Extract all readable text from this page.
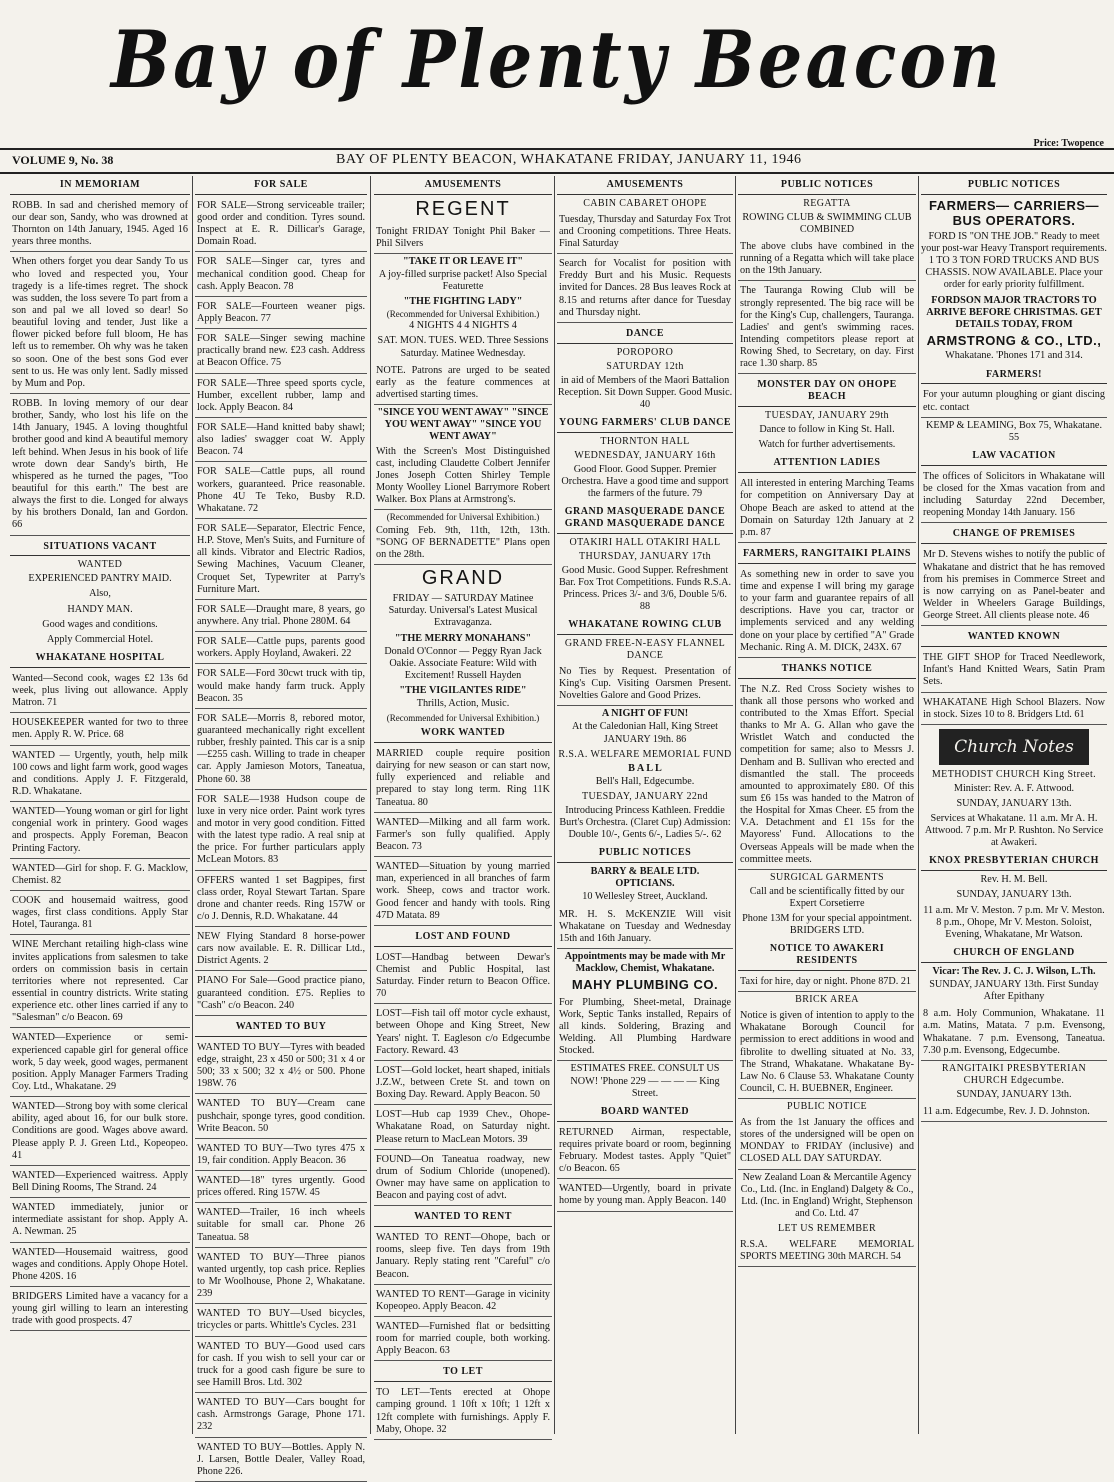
Bay of Plenty Beacon
VOLUME 9, No. 38	BAY OF PLENTY BEACON, WHAKATANE FRIDAY, JANUARY 11, 1946
Price: Twopence
IN MEMORIAM
ROBB. In sad and cherished memory of our dear son, Sandy, who was drowned at Thornton on 14th January, 1945. Aged 16 years three months.
When others forget you dear Sandy To us who loved and respected you, Your tragedy is a life-times regret. The shock was sudden, the loss severe To part from a son and pal we all loved so dear! So beautiful loving and tender, Just like a flower picked before full bloom, He has left us to remember. Oh why was he taken so soon. One of the best sons God ever sent to us. He was only lent. Sadly missed by Mum and Pop.
ROBB. In loving memory of our dear brother, Sandy, who lost his life on the 14th January, 1945. A loving thoughtful brother good and kind A beautiful memory left behind. When Jesus in his book of life wrote down dear Sandy's birth, He whispered as he turned the pages, "Too beautiful for this earth." The best are always the first to die. Longed for always by his brothers Donald, Ian and Gordon. 66
SITUATIONS VACANT
WANTED
EXPERIENCED PANTRY MAID.
Also,
HANDY MAN.
Good wages and conditions.
Apply Commercial Hotel.
WHAKATANE HOSPITAL
Wanted—Second cook, wages £2 13s 6d week, plus living out allowance. Apply Matron. 71
HOUSEKEEPER wanted for two to three men. Apply R. W. Price. 68
WANTED — Urgently, youth, help milk 100 cows and light farm work, good wages and conditions. Apply J. F. Fitzgerald, R.D. Whakatane.
WANTED—Young woman or girl for light congenial work in printery. Good wages and prospects. Apply Foreman, Beacon Printing Factory.
WANTED—Girl for shop. F. G. Macklow, Chemist. 82
COOK and housemaid waitress, good wages, first class conditions. Apply Star Hotel, Tauranga. 81
WINE Merchant retailing high-class wine invites applications from salesmen to take orders on commission basis in certain territories where not represented. Car essential in country districts. Write stating experience etc. other lines carried if any to "Salesman" c/o Beacon. 69
WANTED—Experience or semi-experienced capable girl for general office work, 5 day week, good wages, permanent position. Apply Manager Farmers Trading Coy. Ltd., Whakatane. 29
WANTED—Strong boy with some clerical ability, aged about 16, for our bulk store. Conditions are good. Wages above award. Please apply P. J. Green Ltd., Kopeopeo. 41
WANTED—Experienced waitress. Apply Bell Dining Rooms, The Strand. 24
WANTED immediately, junior or intermediate assistant for shop. Apply A. A. Newman. 25
WANTED—Housemaid waitress, good wages and conditions. Apply Ohope Hotel. Phone 420S. 16
BRIDGERS Limited have a vacancy for a young girl willing to learn an interesting trade with good prospects. 47
FOR SALE
FOR SALE—Strong serviceable trailer; good order and condition. Tyres sound. Inspect at E. R. Dillicar's Garage, Domain Road.
FOR SALE—Singer car, tyres and mechanical condition good. Cheap for cash. Apply Beacon. 78
FOR SALE—Fourteen weaner pigs. Apply Beacon. 77
FOR SALE—Singer sewing machine practically brand new. £23 cash. Address at Beacon Office. 75
FOR SALE—Three speed sports cycle, Humber, excellent rubber, lamp and lock. Apply Beacon. 84
FOR SALE—Hand knitted baby shawl; also ladies' swagger coat W. Apply Beacon. 74
FOR SALE—Cattle pups, all round workers, guaranteed. Price reasonable. Phone 4U Te Teko, Busby R.D. Whakatane. 72
FOR SALE—Separator, Electric Fence, H.P. Stove, Men's Suits, and Furniture of all kinds. Vibrator and Electric Radios, Sewing Machines, Vacuum Cleaner, Croquet Set, Typewriter at Parry's Furniture Mart.
FOR SALE—Draught mare, 8 years, go anywhere. Any trial. Phone 280M. 64
FOR SALE—Cattle pups, parents good workers. Apply Hoyland, Awakeri. 22
FOR SALE—Ford 30cwt truck with tip, would make handy farm truck. Apply Beacon. 35
FOR SALE—Morris 8, rebored motor, guaranteed mechanically right excellent rubber, freshly painted. This car is a snip—£255 cash. Willing to trade in cheaper car. Apply Jamieson Motors, Taneatua, Phone 60. 38
FOR SALE—1938 Hudson coupe de luxe in very nice order. Paint work tyres and motor in very good condition. Fitted with the latest type radio. A real snip at the price. For further particulars apply McLean Motors. 83
OFFERS wanted 1 set Bagpipes, first class order, Royal Stewart Tartan. Spare drone and chanter reeds. Ring 157W or c/o J. Dennis, R.D. Whakatane. 44
NEW Flying Standard 8 horse-power cars now available. E. R. Dillicar Ltd., District Agents. 2
PIANO For Sale—Good practice piano, guaranteed condition. £75. Replies to "Cash" c/o Beacon. 240
WANTED TO BUY
WANTED TO BUY—Tyres with beaded edge, straight, 23 x 450 or 500; 31 x 4 or 500; 33 x 500; 32 x 4½ or 500. Phone 198W. 76
WANTED TO BUY—Cream cane pushchair, sponge tyres, good condition. Write Beacon. 50
WANTED TO BUY—Two tyres 475 x 19, fair condition. Apply Beacon. 36
WANTED—18" tyres urgently. Good prices offered. Ring 157W. 45
WANTED—Trailer, 16 inch wheels suitable for small car. Phone 26 Taneatua. 58
WANTED TO BUY—Three pianos wanted urgently, top cash price. Replies to Mr Woolhouse, Phone 2, Whakatane. 239
WANTED TO BUY—Used bicycles, tricycles or parts. Whittle's Cycles. 231
WANTED TO BUY—Good used cars for cash. If you wish to sell your car or truck for a good cash figure be sure to see Hamill Bros. Ltd. 302
WANTED TO BUY—Cars bought for cash. Armstrongs Garage, Phone 171. 232
WANTED TO BUY—Bottles. Apply N. J. Larsen, Bottle Dealer, Valley Road, Phone 226.
AMUSEMENTS
REGENT
Tonight FRIDAY Tonight Phil Baker — Phil Silvers
"TAKE IT OR LEAVE IT"
A joy-filled surprise packet! Also Special Featurette
"THE FIGHTING LADY"
(Recommended for Universal Exhibition.)
4 NIGHTS 4 4 NIGHTS 4
SAT. MON. TUES. WED. Three Sessions Saturday. Matinee Wednesday.
NOTE. Patrons are urged to be seated early as the feature commences at advertised starting times.
"SINCE YOU WENT AWAY" "SINCE YOU WENT AWAY" "SINCE YOU WENT AWAY"
With the Screen's Most Distinguished cast, including Claudette Colbert Jennifer Jones Joseph Cotten Shirley Temple Monty Woolley Lionel Barrymore Robert Walker. Box Plans at Armstrong's.
(Recommended for Universal Exhibition.)
Coming Feb. 9th, 11th, 12th, 13th. "SONG OF BERNADETTE" Plans open on the 28th.
GRAND
FRIDAY — SATURDAY Matinee Saturday. Universal's Latest Musical Extravaganza.
"THE MERRY MONAHANS"
Donald O'Connor — Peggy Ryan Jack Oakie. Associate Feature: Wild with Excitement! Russell Hayden
"THE VIGILANTES RIDE"
Thrills, Action, Music.
(Recommended for Universal Exhibition.)
WORK WANTED
MARRIED couple require position dairying for new season or can start now, fully experienced and reliable and prepared to stay long term. Ring 11K Taneatua. 80
WANTED—Milking and all farm work. Farmer's son fully qualified. Apply Beacon. 73
WANTED—Situation by young married man, experienced in all branches of farm work. Sheep, cows and tractor work. Good fencer and handy with tools. Ring 47D Matata. 89
LOST AND FOUND
LOST—Handbag between Dewar's Chemist and Public Hospital, last Saturday. Finder return to Beacon Office. 70
LOST—Fish tail off motor cycle exhaust, between Ohope and King Street, New Years' night. T. Eagleson c/o Edgecumbe Factory. Reward. 43
LOST—Gold locket, heart shaped, initials J.Z.W., between Crete St. and town on Boxing Day. Reward. Apply Beacon. 50
LOST—Hub cap 1939 Chev., Ohope-Whakatane Road, on Saturday night. Please return to MacLean Motors. 39
FOUND—On Taneatua roadway, new drum of Sodium Chloride (unopened). Owner may have same on application to Beacon and paying cost of advt.
WANTED TO RENT
WANTED TO RENT—Ohope, bach or rooms, sleep five. Ten days from 19th January. Reply stating rent "Careful" c/o Beacon.
WANTED TO RENT—Garage in vicinity Kopeopeo. Apply Beacon. 42
WANTED—Furnished flat or bedsitting room for married couple, both working. Apply Beacon. 63
TO LET
TO LET—Tents erected at Ohope camping ground. 1 10ft x 10ft; 1 12ft x 12ft complete with furnishings. Apply F. Maby, Ohope. 32
AMUSEMENTS
CABIN CABARET OHOPE
Tuesday, Thursday and Saturday Fox Trot and Crooning competitions. Three Heats. Final Saturday
Search for Vocalist for position with Freddy Burt and his Music. Requests invited for Dances. 28 Bus leaves Rock at 8.15 and returns after dance for Tuesday and Thursday night.
DANCE
POROPORO
SATURDAY 12th
in aid of Members of the Maori Battalion Reception. Sit Down Supper. Good Music. 40
YOUNG FARMERS' CLUB DANCE
THORNTON HALL
WEDNESDAY, JANUARY 16th
Good Floor. Good Supper. Premier Orchestra. Have a good time and support the farmers of the future. 79
GRAND MASQUERADE DANCE GRAND MASQUERADE DANCE
OTAKIRI HALL OTAKIRI HALL
THURSDAY, JANUARY 17th
Good Music. Good Supper. Refreshment Bar. Fox Trot Competitions. Funds R.S.A. Princess. Prices 3/- and 3/6, Double 5/6. 88
WHAKATANE ROWING CLUB
GRAND FREE-N-EASY FLANNEL DANCE
No Ties by Request. Presentation of King's Cup. Visiting Oarsmen Present. Novelties Galore and Good Prizes.
A NIGHT OF FUN!
At the Caledonian Hall, King Street JANUARY 19th. 86
R.S.A. WELFARE MEMORIAL FUND
B A L L
Bell's Hall, Edgecumbe.
TUESDAY, JANUARY 22nd
Introducing Princess Kathleen. Freddie Burt's Orchestra. (Claret Cup) Admission: Double 10/-, Gents 6/-, Ladies 5/-. 62
PUBLIC NOTICES
BARRY & BEALE LTD.
OPTICIANS.
10 Wellesley Street, Auckland.
MR. H. S. McKENZIE Will visit Whakatane on Tuesday and Wednesday 15th and 16th January.
Appointments may be made with Mr Macklow, Chemist, Whakatane.
MAHY PLUMBING CO.
For Plumbing, Sheet-metal, Drainage Work, Septic Tanks installed, Repairs of all kinds. Soldering, Brazing and Welding. All Plumbing Hardware Stocked.
ESTIMATES FREE. CONSULT US NOW! 'Phone 229 — — — — King Street.
BOARD WANTED
RETURNED Airman, respectable, requires private board or room, beginning February. Modest tastes. Apply "Quiet" c/o Beacon. 65
WANTED—Urgently, board in private home by young man. Apply Beacon. 140
PUBLIC NOTICES
REGATTA
ROWING CLUB & SWIMMING CLUB COMBINED
The above clubs have combined in the running of a Regatta which will take place on the 19th January.
The Tauranga Rowing Club will be strongly represented. The big race will be for the King's Cup, challengers, Tauranga. Ladies' and gent's swimming races. Intending competitors please report at Rowing Shed, to Secretary, on day. First race 1.30 sharp. 85
MONSTER DAY ON OHOPE BEACH
TUESDAY, JANUARY 29th
Dance to follow in King St. Hall.
Watch for further advertisements.
ATTENTION LADIES
All interested in entering Marching Teams for competition on Anniversary Day at Ohope Beach are asked to attend at the Domain on Saturday 12th January at 2 p.m. 87
FARMERS, RANGITAIKI PLAINS
As something new in order to save you time and expense I will bring my garage to your farm and guarantee repairs of all descriptions. Have you car, tractor or implements serviced and any welding done on your place by certified "A" Grade Mechanic. Ring A. M. DICK, 243X. 67
THANKS NOTICE
The N.Z. Red Cross Society wishes to thank all those persons who worked and contributed to the Xmas Effort. Special thanks to Mr A. G. Allan who gave the Wristlet Watch and conducted the competition for same; also to Messrs J. Denham and B. Sullivan who erected and dismantled the stall. The proceeds amounted to approximately £80. Of this sum £6 15s was handed to the Matron of the Hospital for Xmas Cheer. £5 from the V.A. Detachment and £1 15s for the Mayoress' Fund. Allocations to the Overseas Appeals will be made when the committee meets.
SURGICAL GARMENTS
Call and be scientifically fitted by our Expert Corsetierre
Phone 13M for your special appointment. BRIDGERS LTD.
NOTICE TO AWAKERI RESIDENTS
Taxi for hire, day or night. Phone 87D. 21
BRICK AREA
Notice is given of intention to apply to the Whakatane Borough Council for permission to erect additions in wood and fibrolite to dwelling situated at No. 33, The Strand, Whakatane. Whakatane By-Law No. 6 Clause 53. Whakatane County Council, C. H. BUEBNER, Engineer.
PUBLIC NOTICE
As from the 1st January the offices and stores of the undersigned will be open on MONDAY to FRIDAY (inclusive) and CLOSED ALL DAY SATURDAY.
New Zealand Loan & Mercantile Agency Co., Ltd. (Inc. in England) Dalgety & Co., Ltd. (Inc. in England) Wright, Stephenson and Co. Ltd. 47
LET US REMEMBER
R.S.A. WELFARE MEMORIAL SPORTS MEETING 30th MARCH. 54
PUBLIC NOTICES
FARMERS— CARRIERS— BUS OPERATORS.
FORD IS "ON THE JOB." Ready to meet your post-war Heavy Transport requirements. 1 TO 3 TON FORD TRUCKS AND BUS CHASSIS. NOW AVAILABLE. Place your order for early priority fulfillment.
FORDSON MAJOR TRACTORS TO ARRIVE BEFORE CHRISTMAS. GET DETAILS TODAY, FROM
ARMSTRONG & CO., LTD.,
Whakatane. 'Phones 171 and 314.
FARMERS!
For your autumn ploughing or giant discing etc. contact
KEMP & LEAMING, Box 75, Whakatane. 55
LAW VACATION
The offices of Solicitors in Whakatane will be closed for the Xmas vacation from and including Saturday 22nd December, reopening Monday 14th January. 156
CHANGE OF PREMISES
Mr D. Stevens wishes to notify the public of Whakatane and district that he has removed from his premises in Commerce Street and is now carrying on as Panel-beater and Welder in Wheelers Garage Buildings, George Street. All clients please note. 46
WANTED KNOWN
THE GIFT SHOP for Traced Needlework, Infant's Hand Knitted Wears, Satin Pram Sets.
WHAKATANE High School Blazers. Now in stock. Sizes 10 to 8. Bridgers Ltd. 61
Church Notes
METHODIST CHURCH King Street.
Minister: Rev. A. F. Attwood.
SUNDAY, JANUARY 13th.
Services at Whakatane. 11 a.m. Mr A. H. Attwood. 7 p.m. Mr P. Rushton. No Service at Awakeri.
KNOX PRESBYTERIAN CHURCH
Rev. H. M. Bell.
SUNDAY, JANUARY 13th.
11 a.m. Mr V. Meston. 7 p.m. Mr V. Meston. 8 p.m., Ohope, Mr V. Meston. Soloist, Evening, Whakatane, Mr Watson.
CHURCH OF ENGLAND
Vicar: The Rev. J. C. J. Wilson, L.Th.
SUNDAY, JANUARY 13th. First Sunday After Epithany
8 a.m. Holy Communion, Whakatane. 11 a.m. Matins, Matata. 7 p.m. Evensong, Whakatane. 7 p.m. Evensong, Taneatua. 7.30 p.m. Evensong, Edgecumbe.
RANGITAIKI PRESBYTERIAN CHURCH Edgecumbe.
SUNDAY, JANUARY 13th.
11 a.m. Edgecumbe, Rev. J. D. Johnston.
